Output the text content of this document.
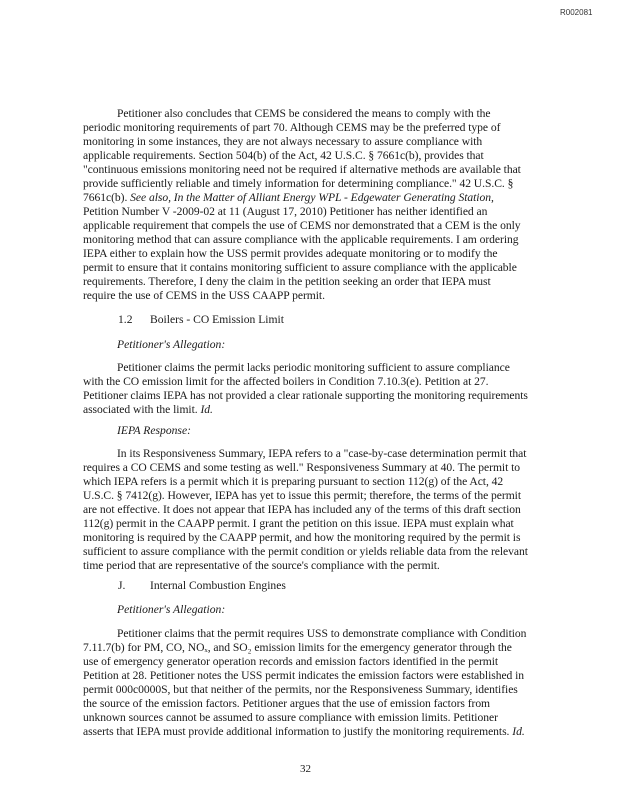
R002081
Petitioner also concludes that CEMS be considered the means to comply with the
periodic monitoring requirements of part 70. Although CEMS may be the preferred type of
monitoring in some instances, they are not always necessary to assure compliance with
applicable requirements. Section 504(b) of the Act, 42 U.S.C. § 7661c(b), provides that
"continuous emissions monitoring need not be required if alternative methods are available that
provide sufficiently reliable and timely information for determining compliance." 42 U.S.C. §
7661c(b). See also, In the Matter of Alliant Energy WPL - Edgewater Generating Station,
Petition Number V -2009-02 at 11 (August 17, 2010) Petitioner has neither identified an
applicable requirement that compels the use of CEMS nor demonstrated that a CEM is the only
monitoring method that can assure compliance with the applicable requirements. I am ordering
IEPA either to explain how the USS permit provides adequate monitoring or to modify the
permit to ensure that it contains monitoring sufficient to assure compliance with the applicable
requirements. Therefore, I deny the claim in the petition seeking an order that IEPA must
require the use of CEMS in the USS CAAPP permit.
1.2 Boilers - CO Emission Limit
Petitioner's Allegation:
Petitioner claims the permit lacks periodic monitoring sufficient to assure compliance
with the CO emission limit for the affected boilers in Condition 7.10.3(e). Petition at 27.
Petitioner claims IEPA has not provided a clear rationale supporting the monitoring requirements
associated with the limit. Id.
IEPA Response:
In its Responsiveness Summary, IEPA refers to a "case-by-case determination permit that
requires a CO CEMS and some testing as well." Responsiveness Summary at 40. The permit to
which IEPA refers is a permit which it is preparing pursuant to section 112(g) of the Act, 42
U.S.C. § 7412(g). However, IEPA has yet to issue this permit; therefore, the terms of the permit
are not effective. It does not appear that IEPA has included any of the terms of this draft section
112(g) permit in the CAAPP permit. I grant the petition on this issue. IEPA must explain what
monitoring is required by the CAAPP permit, and how the monitoring required by the permit is
sufficient to assure compliance with the permit condition or yields reliable data from the relevant
time period that are representative of the source's compliance with the permit.
J. Internal Combustion Engines
Petitioner's Allegation:
Petitioner claims that the permit requires USS to demonstrate compliance with Condition
7.11.7(b) for PM, CO, NOₓ, and SO₂ emission limits for the emergency generator through the
use of emergency generator operation records and emission factors identified in the permit
Petition at 28. Petitioner notes the USS permit indicates the emission factors were established in
permit 000c0000S, but that neither of the permits, nor the Responsiveness Summary, identifies
the source of the emission factors. Petitioner argues that the use of emission factors from
unknown sources cannot be assumed to assure compliance with emission limits. Petitioner
asserts that IEPA must provide additional information to justify the monitoring requirements. Id.
32
